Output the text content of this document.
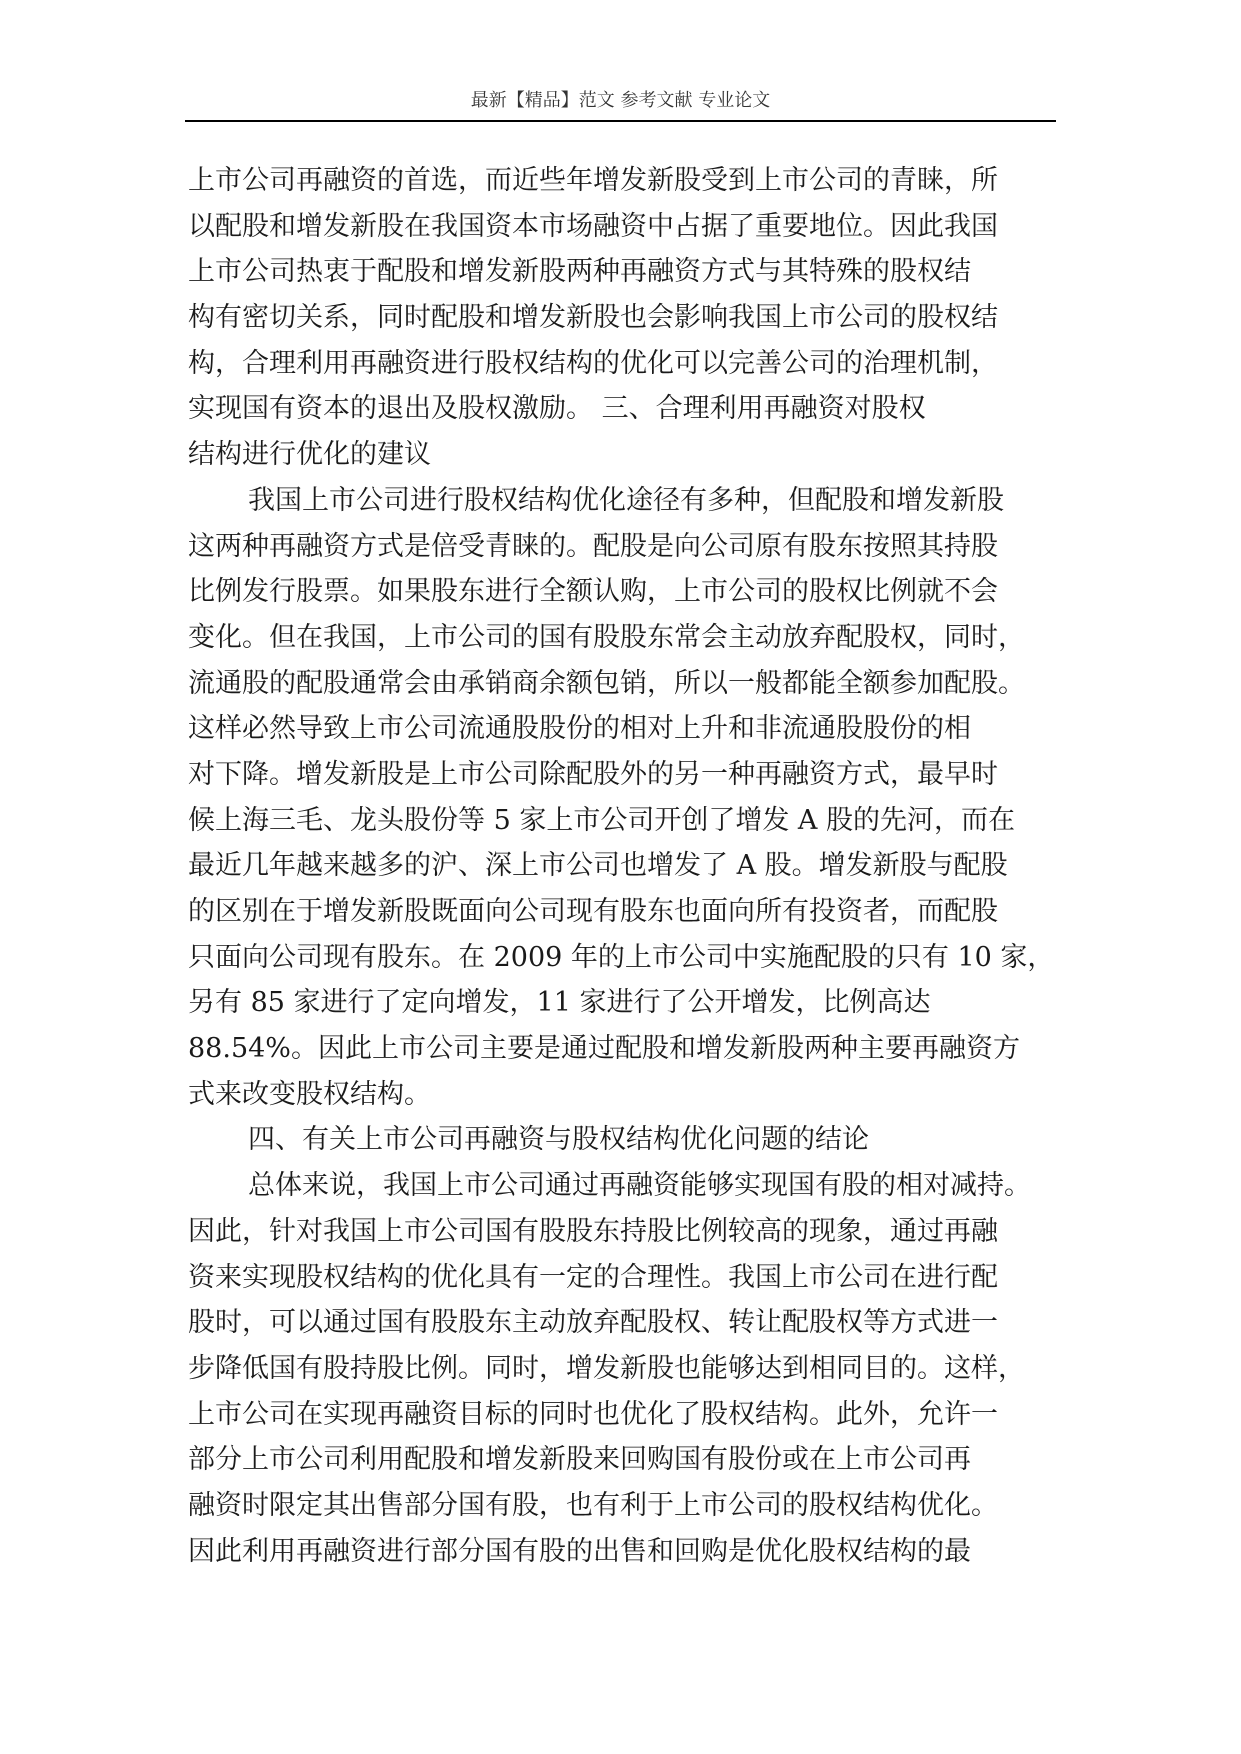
最新【精品】范文 参考文献 专业论文
上市公司再融资的首选，而近些年增发新股受到上市公司的青睐，所
以配股和增发新股在我国资本市场融资中占据了重要地位。因此我国
上市公司热衷于配股和增发新股两种再融资方式与其特殊的股权结
构有密切关系，同时配股和增发新股也会影响我国上市公司的股权结
构，合理利用再融资进行股权结构的优化可以完善公司的治理机制，
实现国有资本的退出及股权激励。 三、合理利用再融资对股权
结构进行优化的建议
我国上市公司进行股权结构优化途径有多种，但配股和增发新股
这两种再融资方式是倍受青睐的。配股是向公司原有股东按照其持股
比例发行股票。如果股东进行全额认购，上市公司的股权比例就不会
变化。但在我国，上市公司的国有股股东常会主动放弃配股权，同时，
流通股的配股通常会由承销商余额包销，所以一般都能全额参加配股。
这样必然导致上市公司流通股股份的相对上升和非流通股股份的相
对下降。增发新股是上市公司除配股外的另一种再融资方式，最早时
候上海三毛、龙头股份等 5 家上市公司开创了增发 A 股的先河，而在
最近几年越来越多的沪、深上市公司也增发了 A 股。增发新股与配股
的区别在于增发新股既面向公司现有股东也面向所有投资者，而配股
只面向公司现有股东。在 2009 年的上市公司中实施配股的只有 10 家，
另有 85 家进行了定向增发，11 家进行了公开增发，比例高达
88.54%。因此上市公司主要是通过配股和增发新股两种主要再融资方
式来改变股权结构。
四、有关上市公司再融资与股权结构优化问题的结论
总体来说，我国上市公司通过再融资能够实现国有股的相对减持。
因此，针对我国上市公司国有股股东持股比例较高的现象，通过再融
资来实现股权结构的优化具有一定的合理性。我国上市公司在进行配
股时，可以通过国有股股东主动放弃配股权、转让配股权等方式进一
步降低国有股持股比例。同时，增发新股也能够达到相同目的。这样，
上市公司在实现再融资目标的同时也优化了股权结构。此外，允许一
部分上市公司利用配股和增发新股来回购国有股份或在上市公司再
融资时限定其出售部分国有股，也有利于上市公司的股权结构优化。
因此利用再融资进行部分国有股的出售和回购是优化股权结构的最
